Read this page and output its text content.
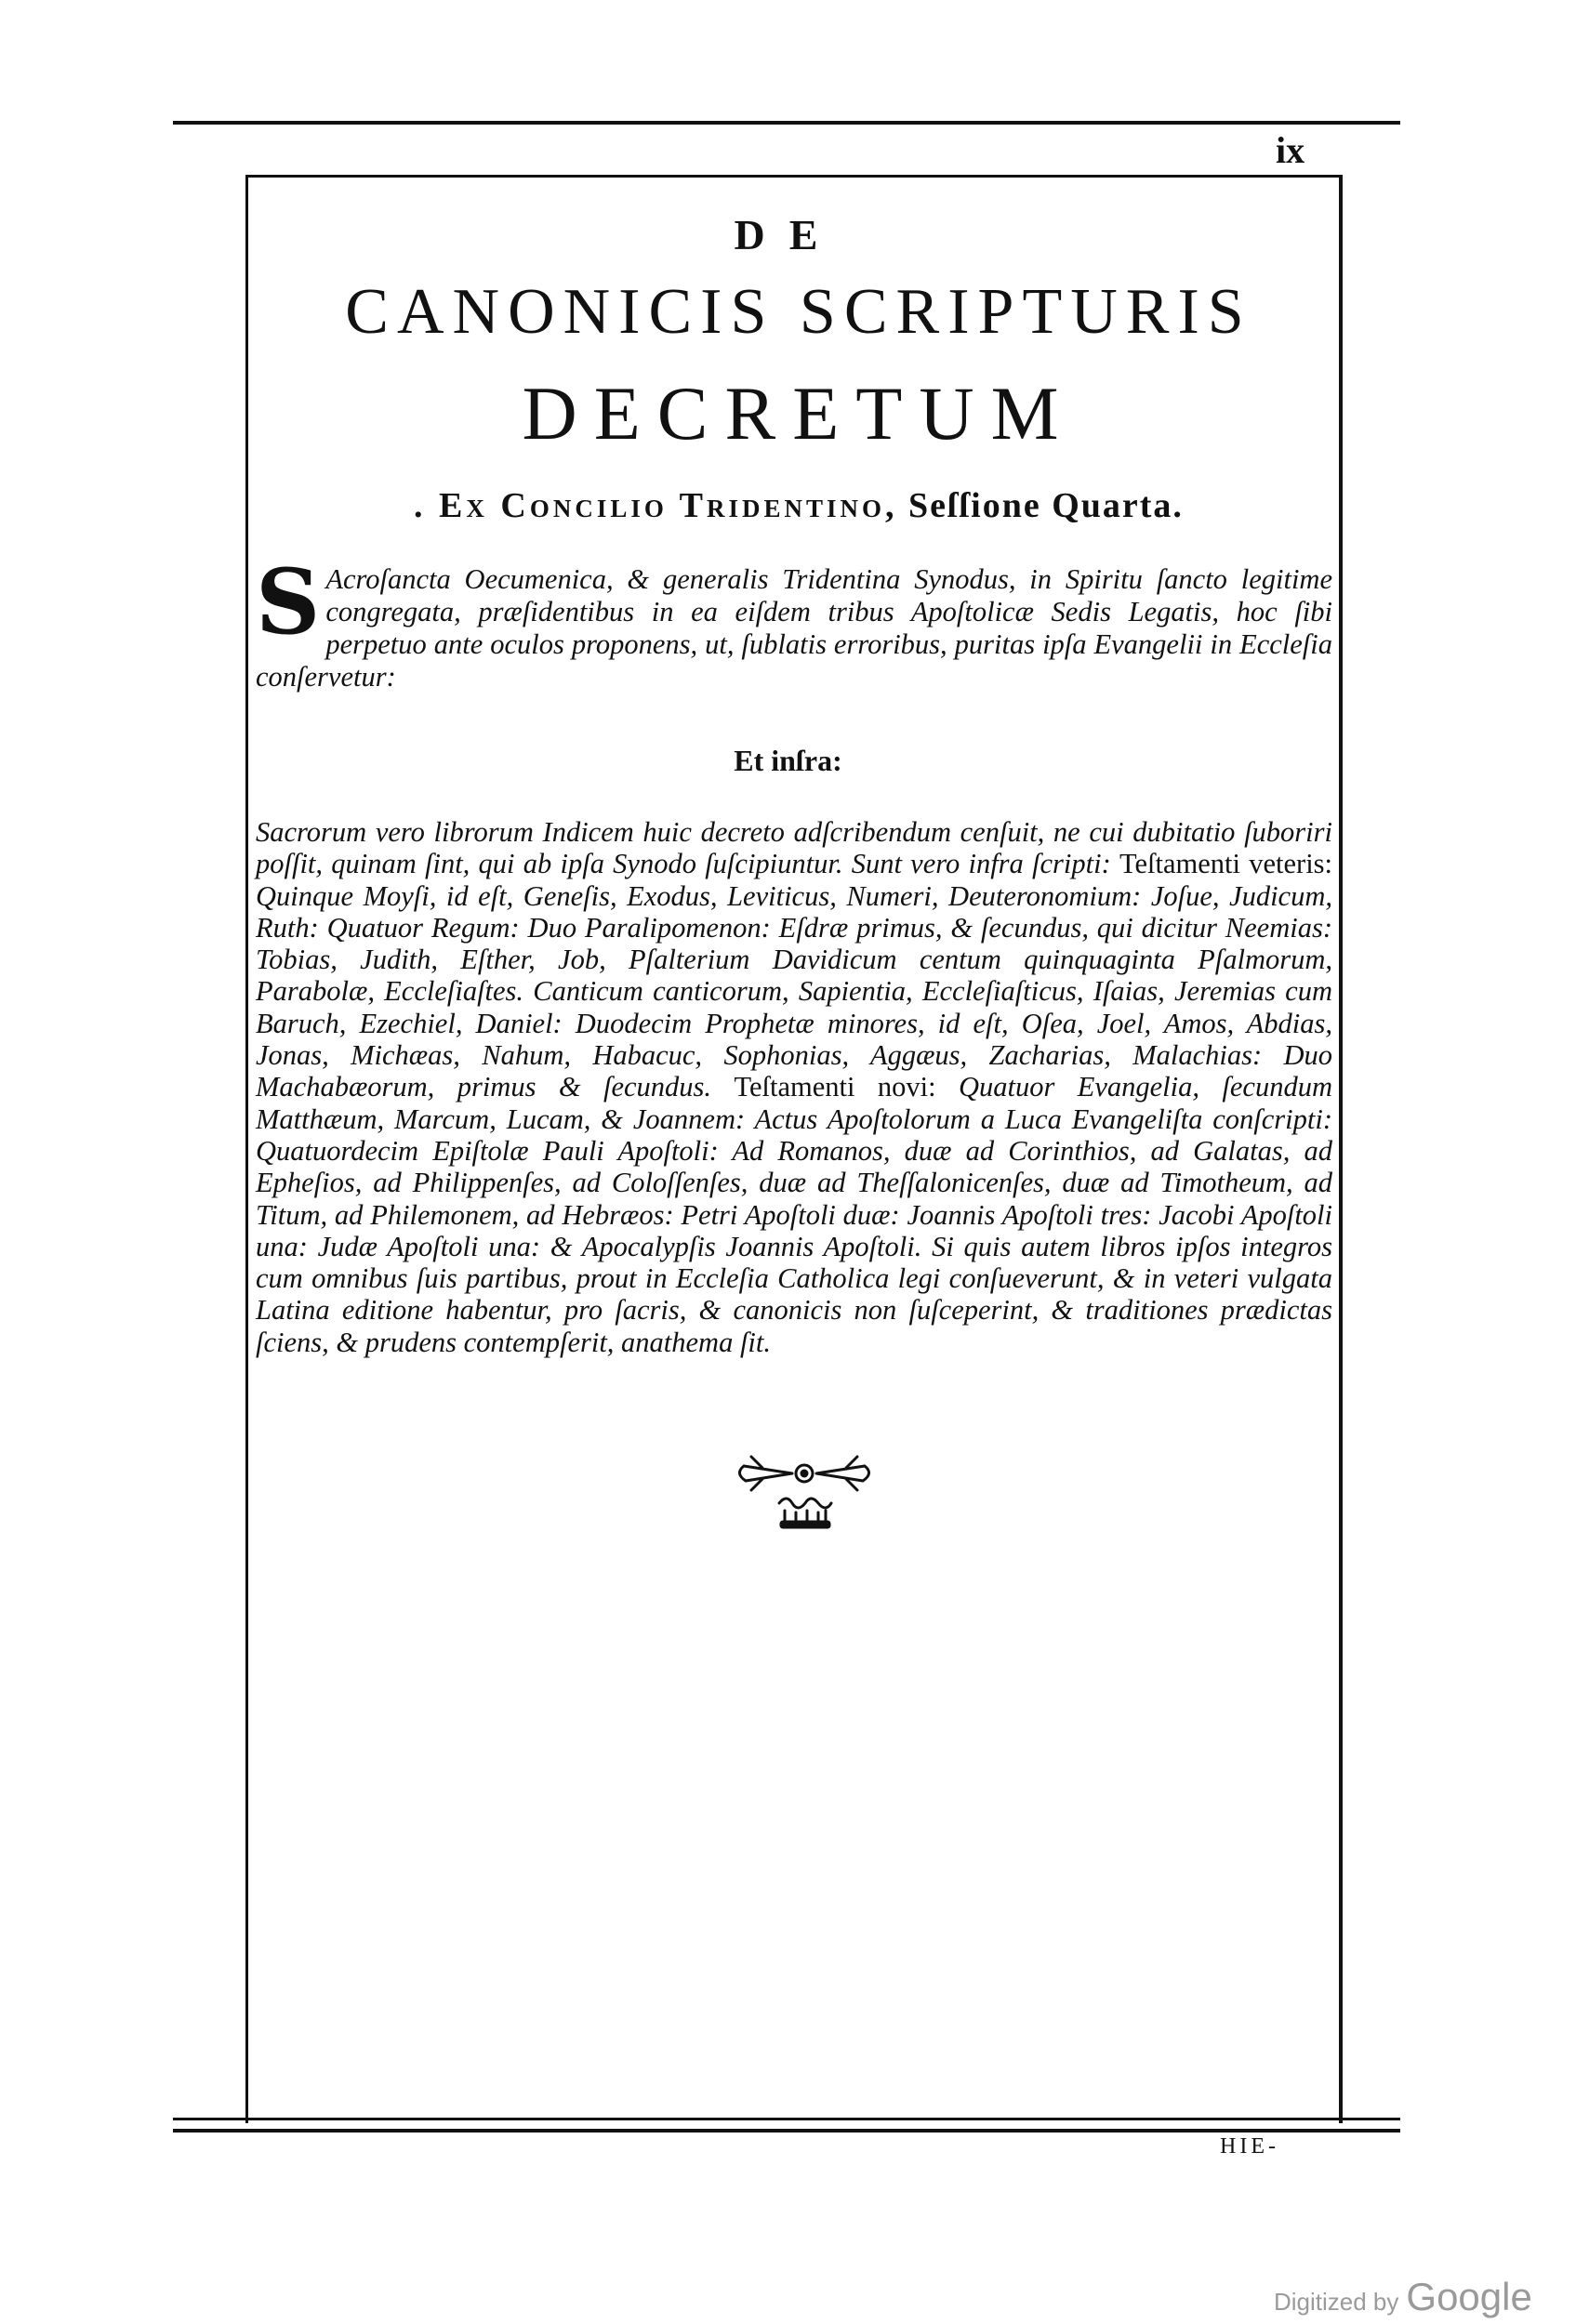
ix
DE
CANONICIS SCRIPTURIS
DECRETUM
. Ex Concilio Tridentino, Seſſione Quarta.
S Acroſancta Oecumenica, & generalis Tridentina Synodus, in Spiritu ſancto legitime congregata, præſidentibus in ea eiſdem tribus Apoſtolicæ Sedis Legatis, hoc ſibi perpetuo ante oculos proponens, ut, ſublatis erroribus, puritas ipſa Evangelii in Eccleſia conſervetur:
Et inſra:
Sacrorum vero librorum Indicem huic decreto adſcribendum cenſuit, ne cui dubitatio ſuboriri poſſit, quinam ſint, qui ab ipſa Synodo ſuſcipiuntur. Sunt vero infra ſcripti: Teſtamenti veteris: Quinque Moyſi, id eſt, Geneſis, Exodus, Leviticus, Numeri, Deuteronomium: Joſue, Judicum, Ruth: Quatuor Regum: Duo Paralipomenon: Eſdræ primus, & ſecundus, qui dicitur Neemias: Tobias, Judith, Eſther, Job, Pſalterium Davidicum centum quinquaginta Pſalmorum, Parabolæ, Eccleſiaſtes. Canticum canticorum, Sapientia, Eccleſiaſticus, Iſaias, Jeremias cum Baruch, Ezechiel, Daniel: Duodecim Prophetæ minores, id eſt, Oſea, Joel, Amos, Abdias, Jonas, Michæas, Nahum, Habacuc, Sophonias, Aggæus, Zacharias, Malachias: Duo Machabæorum, primus & ſecundus. Teſtamenti novi: Quatuor Evangelia, ſecundum Matthæum, Marcum, Lucam, & Joannem: Actus Apoſtolorum a Luca Evangeliſta conſcripti: Quatuordecim Epiſtolæ Pauli Apoſtoli: Ad Romanos, duæ ad Corinthios, ad Galatas, ad Epheſios, ad Philippenſes, ad Coloſſenſes, duæ ad Theſſalonicenſes, duæ ad Timotheum, ad Titum, ad Philemonem, ad Hebræos: Petri Apoſtoli duæ: Joannis Apoſtoli tres: Jacobi Apoſtoli una: Judæ Apoſtoli una: & Apocalypſis Joannis Apoſtoli. Si quis autem libros ipſos integros cum omnibus ſuis partibus, prout in Eccleſia Catholica legi conſueverunt, & in veteri vulgata Latina editione habentur, pro ſacris, & canonicis non ſuſceperint, & traditiones prædictas ſciens, & prudens contempſerit, anathema ſit.
HIE-
Digitized by Google
